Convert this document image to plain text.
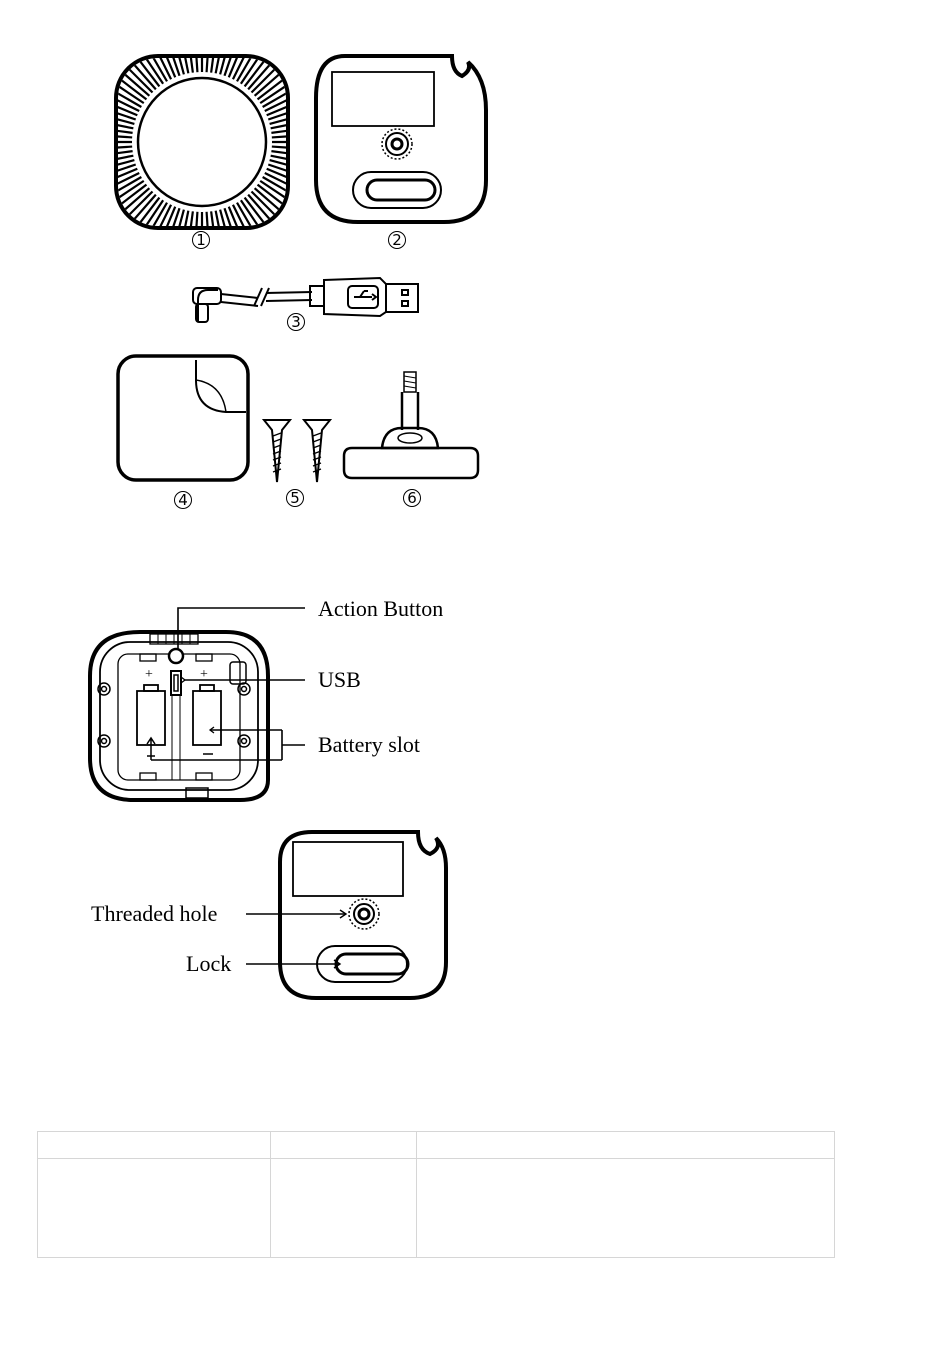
+	+
1	2
3
4	5	6
Action Button
USB
Battery slot
Threaded hole
Lock
